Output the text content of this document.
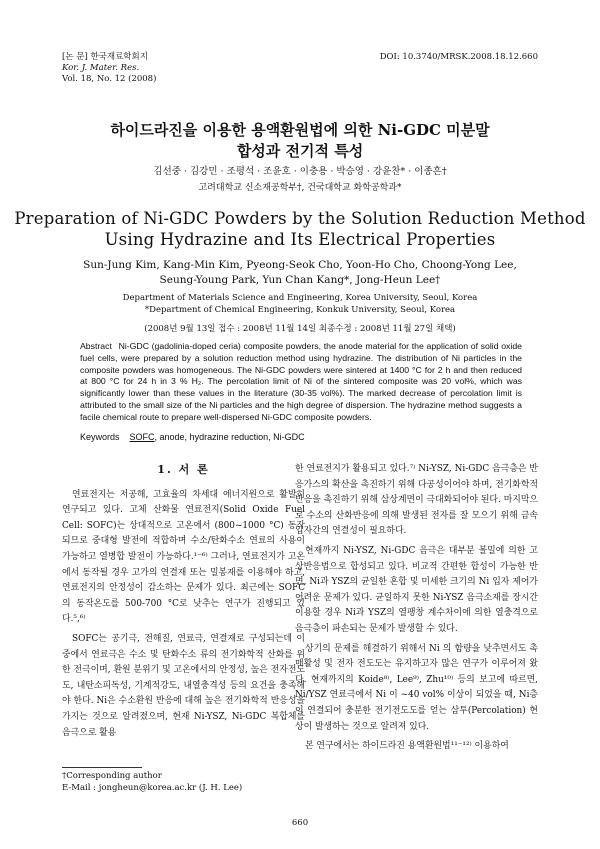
[논 문] 한국재료학회지
Kor. J. Mater. Res.
Vol. 18, No. 12 (2008)
DOI: 10.3740/MRSK.2008.18.12.660
하이드라진을 이용한 용액환원법에 의한 Ni-GDC 미분말
합성과 전기적 특성
김선중 · 김강민 · 조평석 · 조윤호 · 이충용 · 박승영 · 강윤찬* · 이종흔†
고려대학교 신소재공학부†, 건국대학교 화학공학과*
Preparation of Ni-GDC Powders by the Solution Reduction Method
Using Hydrazine and Its Electrical Properties
Sun-Jung Kim, Kang-Min Kim, Pyeong-Seok Cho, Yoon-Ho Cho, Choong-Yong Lee,
Seung-Young Park, Yun Chan Kang*, Jong-Heun Lee†
Department of Materials Science and Engineering, Korea University, Seoul, Korea
*Department of Chemical Engineering, Konkuk University, Seoul, Korea
(2008년 9월 13일 접수 : 2008년 11월 14일 최종수정 : 2008년 11월 27일 채택)
Abstract Ni-GDC (gadolinia-doped ceria) composite powders, the anode material for the application of solid oxide fuel cells, were prepared by a solution reduction method using hydrazine. The distribution of Ni particles in the composite powders was homogeneous. The Ni-GDC powders were sintered at 1400 °C for 2 h and then reduced at 800 °C for 24 h in 3 % H₂. The percolation limit of Ni of the sintered composite was 20 vol%, which was significantly lower than these values in the literature (30-35 vol%). The marked decrease of percolation limit is attributed to the small size of the Ni particles and the high degree of dispersion. The hydrazine method suggests a facile chemical route to prepare well-dispersed Ni-GDC composite powders.
Keywords SOFC, anode, hydrazine reduction, Ni-GDC
1. 서 론

연료전지는 저공해, 고효율의 차세대 에너지원으로 활발히 연구되고 있다. 고체 산화물 연료전지(Solid Oxide Fuel Cell: SOFC)는 상대적으로 고온에서 (800~1000 °C) 동작되므로 중대형 발전에 적합하며 수소/탄화수소 연료의 사용이 가능하고 열병합 발전이 가능하다.¹⁻⁶⁾ 그러나, 연료전지가 고온에서 동작될 경우 고가의 연결재 또는 밀봉재를 이용해야 하고, 연료전지의 안정성이 감소하는 문제가 있다. 최근에는 SOFC의 동작온도를 500-700 °C로 낮추는 연구가 진행되고 있다.⁵,⁶⁾

SOFC는 공기극, 전해질, 연료극, 연결재로 구성되는데 이 중에서 연료극은 수소 및 탄화수소 류의 전기화학적 산화를 위한 전극이며, 환원 분위기 및 고온에서의 안정성, 높은 전자전도도, 내탄소피독성, 기계적강도, 내열충격성 등의 요건을 충족해야 한다. Ni은 수소환원 반응에 대해 높은 전기화학적 반응성을 가지는 것으로 알려졌으며, 현재 Ni-YSZ, Ni-GDC 복합체를 음극으로 활용

한 연료전지가 활용되고 있다.⁷⁾ Ni-YSZ, Ni-GDC 음극층은 반응가스의 확산을 촉진하기 위해 다공성이어야 하며, 전기화학적 반응을 촉진하기 위해 삼상계면이 극대화되어야 된다. 마지막으로 수소의 산화반응에 의해 발생된 전자를 잘 모으기 위해 금속입자간의 연결성이 필요하다.

현재까지 Ni-YSZ, Ni-GDC 음극은 대부분 볼밀에 의한 고상반응법으로 합성되고 있다. 비교적 간편한 합성이 가능한 반면, Ni과 YSZ의 균일한 혼합 및 미세한 크기의 Ni 입자 제어가 어려운 문제가 있다. 균일하지 못한 Ni-YSZ 음극소재를 장시간 이용할 경우 Ni과 YSZ의 열팽창 계수차이에 의한 열충격으로 음극층이 파손되는 문제가 발생할 수 있다.

상기의 문제를 해결하기 위해서 Ni 의 함량을 낮추면서도 촉매활성 및 전자 전도도는 유지하고자 많은 연구가 이루어져 왔다. 현재까지의 Koide⁸⁾, Lee⁹⁾, Zhu¹⁰⁾ 등의 보고에 따르면, Ni/YSZ 연료극에서 Ni 이 ~40 vol% 이상이 되었을 때, Ni층이 연결되어 충분한 전기전도도를 얻는 삼투(Percolation) 현상이 발생하는 것으로 알려져 있다.

본 연구에서는 하이드라진 용액환원법¹¹⁻¹²⁾ 이용하여

†Corresponding author
E-Mail : jongheun@korea.ac.kr (J. H. Lee)
660
